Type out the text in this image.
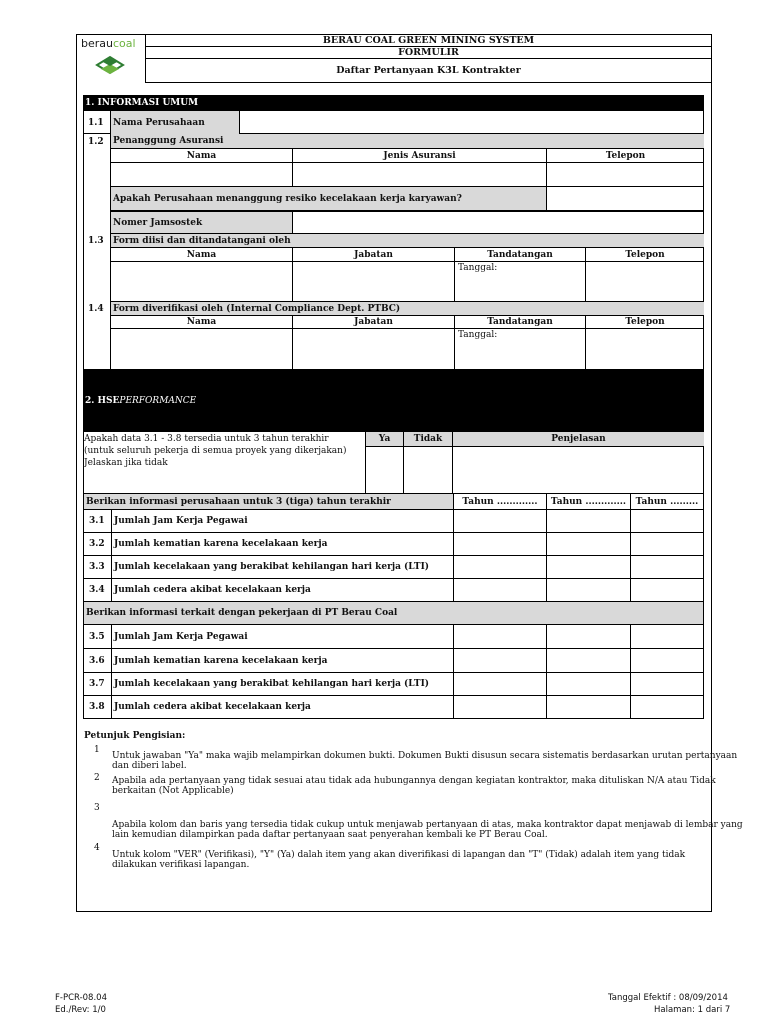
beraucoal	BERAU COAL GREEN MINING SYSTEM
FORMULIR
Daftar Pertanyaan K3L Kontrakter
1. INFORMASI UMUM
1.1	Nama Perusahaan
1.2	Penanggung Asuransi
Nama	Jenis Asuransi	Telepon
Apakah Perusahaan menanggung resiko kecelakaan kerja karyawan?
Nomer Jamsostek
1.3	Form diisi dan ditandatangani oleh
Nama	Jabatan	Tandatangan	Telepon
Tanggal:
1.4	Form diverifikasi oleh (Internal Compliance Dept. PTBC)
Nama	Jabatan	Tandatangan	Telepon
Tanggal:
2. HSE PERFORMANCE
Apakah data 3.1 - 3.8 tersedia untuk 3 tahun terakhir
(untuk seluruh pekerja di semua proyek yang dikerjakan)
Jelaskan jika tidak
Ya	Tidak	Penjelasan
Berikan informasi perusahaan untuk 3 (tiga) tahun terakhir	Tahun .............	Tahun .............	Tahun .........
3.1	Jumlah Jam Kerja Pegawai
3.2	Jumlah kematian karena kecelakaan kerja
3.3	Jumlah kecelakaan yang berakibat kehilangan hari kerja (LTI)
3.4	Jumlah cedera akibat kecelakaan kerja
Berikan informasi terkait dengan pekerjaan di PT Berau Coal
3.5	Jumlah Jam Kerja Pegawai
3.6	Jumlah kematian karena kecelakaan kerja
3.7	Jumlah kecelakaan yang berakibat kehilangan hari kerja (LTI)
3.8	Jumlah cedera akibat kecelakaan kerja
Petunjuk Pengisian:
1
Untuk jawaban "Ya" maka wajib melampirkan dokumen bukti. Dokumen Bukti disusun secara sistematis berdasarkan urutan pertanyaan
dan diberi label.
2 Apabila ada pertanyaan yang tidak sesuai atau tidak ada hubungannya dengan kegiatan kontraktor, maka dituliskan N/A atau Tidak
berkaitan (Not Applicable)
3
Apabila kolom dan baris yang tersedia tidak cukup untuk menjawab pertanyaan di atas, maka kontraktor dapat menjawab di lembar yang
lain kemudian dilampirkan pada daftar pertanyaan saat penyerahan kembali ke PT Berau Coal.
4
Untuk kolom "VER" (Verifikasi), "Y" (Ya) dalah item yang akan diverifikasi di lapangan dan "T" (Tidak) adalah item yang tidak
dilakukan verifikasi lapangan.
F-PCR-08.04
Ed./Rev: 1/0
Tanggal Efektif : 08/09/2014
Halaman: 1 dari 7
